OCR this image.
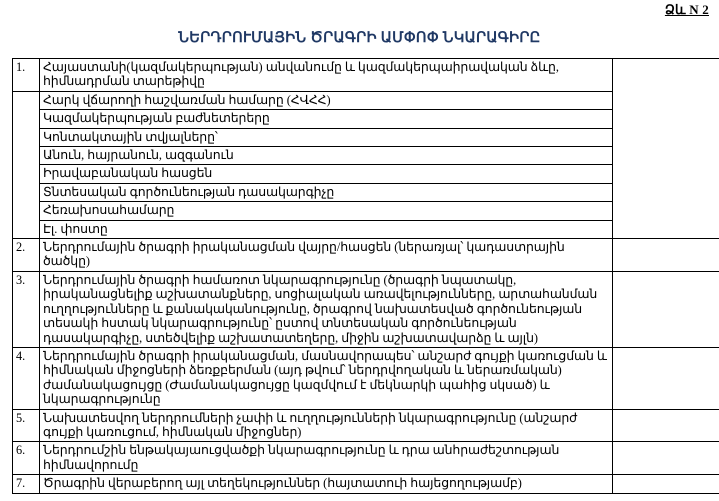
Ձև N 2
ՆԵՐԴՐՈՒՄԱՅԻՆ ԾՐԱԳՐԻ ԱՄՓՈՓ ՆԿԱՐԱԳԻՐԸ
1.	Հայաստանի(կազմակերպության) անվանումը և կազմակերպաիրավական ձևը, հիմնադրման տարեթիվը	
	Հարկ վճարողի հաշվառման համարը (ՀՎՀՀ)	
	Կազմակերպության բաժնետերերը	
	Կոնտակտային տվյալները՝	
	Անուն, հայրանուն, ազգանուն	
	Իրավաբանական հասցեն	
	Տնտեսական գործունեության դասակարգիչը	
	Հեռախոսահամարը	
	Էլ. փոստը	
2.	Ներդրումային ծրագրի իրականացման վայրը/հասցեն (ներառյալ՝ կադաստրային ծածկը)	
3.	Ներդրումային ծրագրի համառոտ նկարագրությունը (ծրագրի նպատակը, իրականացնելիք աշխատանքները, սոցիալական առավելությունները, արտահանման ուղղությունները և քանակականությունը, ծրագրով նախատեսված գործունեության տեսակի հստակ նկարագրությունը՝ ըստով տնտեսական գործունեության դասակարգիչը, ստեծվելիք աշխատատեղերը, միջին աշխատավարձը և այլն)	
4.	Ներդրումային ծրագրի իրականացման, մասնավորապես՝ անշարժ գույքի կառուցման և հիմնական միջոցների ձեռքբերման (այդ թվում՝ ներդրվողական և ներառմական) ժամանակացույցը (Ժամանակացույցը կազմվում է մեկնարկի պահից սկսած) և նկարագրությունը	
5.	Նախատեսվող ներդրումների չափի և ուղղությունների նկարագրությունը (անշարժ գույքի կառուցում, հիմնական միջոցներ)	
6.	Ներդրումշին ենթակայաուցվածքի նկարագրությունը և դրա անհրաժեշտության հիմնավորումը	
7.	Ծրագրին վերաբերող այլ տեղեկություններ (հայտատուի հայեցողությամբ)	
